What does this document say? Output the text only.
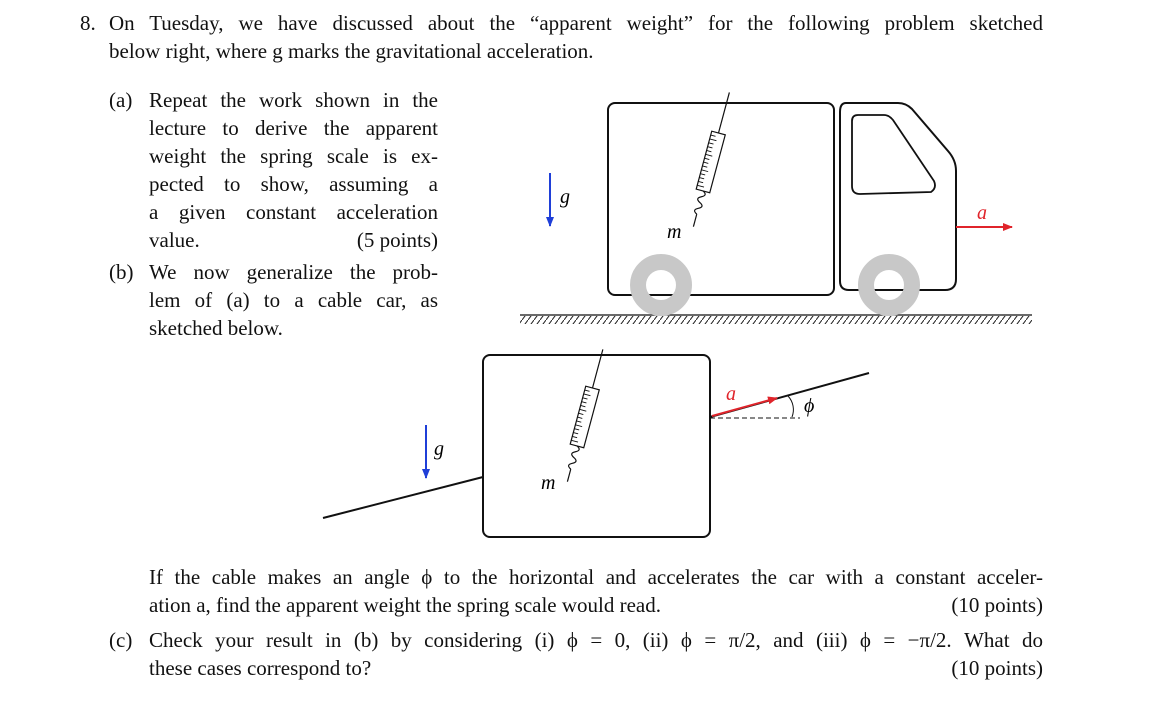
8. On Tuesday, we have discussed about the “apparent weight” for the following problem sketched
below right, where g marks the gravitational acceleration.
(a) Repeat the work shown in the
lecture to derive the apparent
weight the spring scale is ex-
pected to show, assuming a
a given constant acceleration
value.	(5 points)
(b) We now generalize the prob-
lem of (a) to a cable car, as
sketched below.
If the cable makes an angle ϕ to the horizontal and accelerates the car with a constant acceler-
ation a, find the apparent weight the spring scale would read.	(10 points)
(c) Check your result in (b) by considering (i) ϕ = 0, (ii) ϕ = π/2, and (iii) ϕ = −π/2. What do
these cases correspond to?	(10 points)
m
g
a
ϕ
a
m
g
